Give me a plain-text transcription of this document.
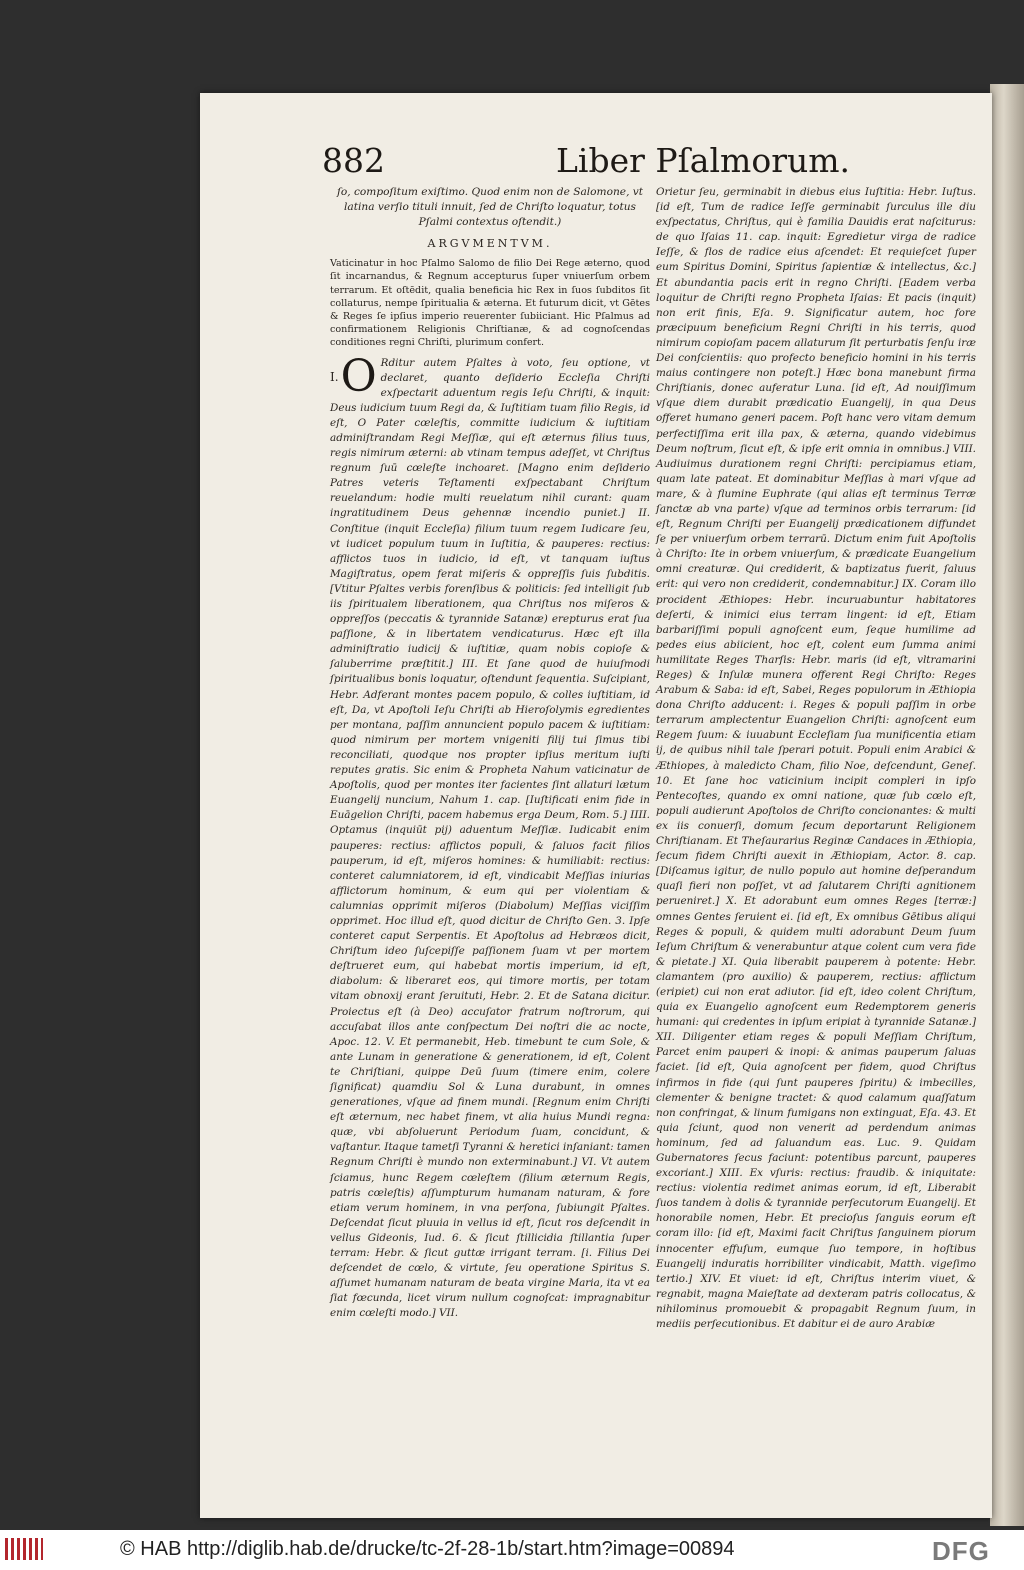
882	Liber Pſalmorum.

ſo, compoſitum exiſtimo. Quod enim non de Salomone, vt latina verſio tituli innuit, ſed de Chriſto loquatur, totus Pſalmi contextus oſtendit.)

ARGVMENTVM.

Vaticinatur in hoc Pſalmo Salomo de filio Dei Rege æterno, quod ſit incarnandus, & Regnum accepturus ſuper vniuerſum orbem terrarum. Et oſtēdit, qualia beneficia hic Rex in ſuos ſubditos ſit collaturus, nempe ſpiritualia & æterna. Et futurum dicit, vt Gētes & Reges ſe ipſius imperio reuerenter ſubiiciant. Hic Pſalmus ad confirmationem Religionis Chriſtianæ, & ad cognoſcendas conditiones regni Chriſti, plurimum confert.

I. O Rditur autem Pſaltes à voto, ſeu optione, vt declaret, quanto deſiderio Eccleſia Chriſti exſpectarit aduentum regis Ieſu Chriſti, & inquit: Deus iudicium tuum Regi da, & Iuſtitiam tuam filio Regis, id eſt, O Pater cœleſtis, committe iudicium & iuſtitiam adminiſtrandam Regi Meſſiæ, qui eſt æternus filius tuus, regis nimirum æterni: ab vtinam tempus adeſſet, vt Chriſtus regnum ſuū cœleſte inchoaret. [Magno enim deſiderio Patres veteris Teſtamenti exſpectabant Chriſtum reuelandum: hodie multi reuelatum nihil curant: quam ingratitudinem Deus gehennæ incendio puniet.] II. Conſtitue (inquit Eccleſia) filium tuum regem Iudicare ſeu, vt iudicet populum tuum in Iuſtitia, & pauperes: rectius: afflictos tuos in iudicio, id eſt, vt tanquam iuſtus Magiſtratus, opem ferat miſeris & oppreſſis ſuis ſubditis. [Vtitur Pſaltes verbis forenſibus & politicis: ſed intelligit ſub iis ſpiritualem liberationem, qua Chriſtus nos miſeros & oppreſſos (peccatis & tyrannide Satanæ) erepturus erat ſua paſſione, & in libertatem vendicaturus. Hæc eſt illa adminiſtratio iudicij & iuſtitiæ, quam nobis copioſe & ſaluberrime præſtitit.] III. Et ſane quod de huiuſmodi ſpiritualibus bonis loquatur, oſtendunt ſequentia. Suſcipiant, Hebr. Adferant montes pacem populo, & colles iuſtitiam, id eſt, Da, vt Apoſtoli Ieſu Chriſti ab Hieroſolymis egredientes per montana, paſſim annuncient populo pacem & iuſtitiam: quod nimirum per mortem vnigeniti filij tui ſimus tibi reconciliati, quodque nos propter ipſius meritum iuſti reputes gratis. Sic enim & Propheta Nahum vaticinatur de Apoſtolis, quod per montes iter facientes ſint allaturi lætum Euangelij nuncium, Nahum 1. cap. [Iuſtificati enim fide in Euāgelion Chriſti, pacem habemus erga Deum, Rom. 5.] IIII. Optamus (inquiūt pij) aduentum Meſſiæ. Iudicabit enim pauperes: rectius: afflictos populi, & ſaluos facit filios pauperum, id eſt, miſeros homines: & humiliabit: rectius: conteret calumniatorem, id eſt, vindicabit Meſſias iniurias afflictorum hominum, & eum qui per violentiam & calumnias opprimit miſeros (Diabolum) Meſſias viciſſim opprimet. Hoc illud eſt, quod dicitur de Chriſto Gen. 3. Ipſe conteret caput Serpentis. Et Apoſtolus ad Hebræos dicit, Chriſtum ideo ſuſcepiſſe paſſionem ſuam vt per mortem deſtrueret eum, qui habebat mortis imperium, id eſt, diabolum: & liberaret eos, qui timore mortis, per totam vitam obnoxij erant ſeruituti, Hebr. 2. Et de Satana dicitur. Proiectus eſt (à Deo) accuſator fratrum noſtrorum, qui accuſabat illos ante conſpectum Dei noſtri die ac nocte, Apoc. 12. V. Et permanebit, Heb. timebunt te cum Sole, & ante Lunam in generatione & generationem, id eſt, Colent te Chriſtiani, quippe Deū ſuum (timere enim, colere ſignificat) quamdiu Sol & Luna durabunt, in omnes generationes, vſque ad finem mundi. [Regnum enim Chriſti eſt æternum, nec habet finem, vt alia huius Mundi regna: quæ, vbi abſoluerunt Periodum ſuam, concidunt, & vaſtantur. Itaque tametſi Tyranni & heretici inſaniant: tamen Regnum Chriſti è mundo non exterminabunt.] VI. Vt autem ſciamus, hunc Regem cœleſtem (filium æternum Regis, patris cœleſtis) aſſumpturum humanam naturam, & fore etiam verum hominem, in vna perſona, ſubiungit Pſaltes. Deſcendat ſicut pluuia in vellus id eſt, ſicut ros deſcendit in vellus Gideonis, Iud. 6. & ſicut ſtillicidia ſtillantia ſuper terram: Hebr. & ſicut guttæ irrigant terram. [i. Filius Dei deſcendet de cœlo, & virtute, ſeu operatione Spiritus S. aſſumet humanam naturam de beata virgine Maria, ita vt ea ſiat fœcunda, licet virum nullum cognoſcat: impragnabitur enim cœleſti modo.] VII.

Orietur ſeu, germinabit in diebus eius Iuſtitia: Hebr. Iuſtus. [id eſt, Tum de radice Ieſſe germinabit ſurculus ille diu exſpectatus, Chriſtus, qui è familia Dauidis erat naſciturus: de quo Iſaias 11. cap. inquit: Egredietur virga de radice Ieſſe, & flos de radice eius aſcendet: Et requieſcet ſuper eum Spiritus Domini, Spiritus ſapientiæ & intellectus, &c.] Et abundantia pacis erit in regno Chriſti. [Eadem verba loquitur de Chriſti regno Propheta Iſaias: Et pacis (inquit) non erit finis, Eſa. 9. Significatur autem, hoc fore præcipuum beneficium Regni Chriſti in his terris, quod nimirum copioſam pacem allaturum ſit perturbatis ſenſu iræ Dei conſcientiis: quo profecto beneficio homini in his terris maius contingere non poteſt.] Hæc bona manebunt firma Chriſtianis, donec auferatur Luna. [id eſt, Ad nouiſſimum vſque diem durabit prædicatio Euangelij, in qua Deus offeret humano generi pacem. Poſt hanc vero vitam demum perfectiſſima erit illa pax, & æterna, quando videbimus Deum noſtrum, ſicut eſt, & ipſe erit omnia in omnibus.] VIII. Audiuimus durationem regni Chriſti: percipiamus etiam, quam late pateat. Et dominabitur Meſſias à mari vſque ad mare, & à flumine Euphrate (qui alias eſt terminus Terræ ſanctæ ab vna parte) vſque ad terminos orbis terrarum: [id eſt, Regnum Chriſti per Euangelij prædicationem diffundet ſe per vniuerſum orbem terrarū. Dictum enim fuit Apoſtolis à Chriſto: Ite in orbem vniuerſum, & prædicate Euangelium omni creaturæ. Qui crediderit, & baptizatus fuerit, ſaluus erit: qui vero non crediderit, condemnabitur.] IX. Coram illo procident Æthiopes: Hebr. incuruabuntur habitatores deſerti, & inimici eius terram lingent: id eſt, Etiam barbariſſimi populi agnoſcent eum, ſeque humilime ad pedes eius abiicient, hoc eſt, colent eum ſumma animi humilitate Reges Tharſis: Hebr. maris (id eſt, vltramarini Reges) & Inſulæ munera offerent Regi Chriſto: Reges Arabum & Saba: id eſt, Sabei, Reges populorum in Æthiopia dona Chriſto adducent: i. Reges & populi paſſim in orbe terrarum amplectentur Euangelion Chriſti: agnoſcent eum Regem ſuum: & iuuabunt Eccleſiam ſua munificentia etiam ij, de quibus nihil tale ſperari potuit. Populi enim Arabici & Æthiopes, à maledicto Cham, filio Noe, deſcendunt, Geneſ. 10. Et ſane hoc vaticinium incipit compleri in ipſo Pentecoſtes, quando ex omni natione, quæ ſub cœlo eſt, populi audierunt Apoſtolos de Chriſto concionantes: & multi ex iis conuerſi, domum ſecum deportarunt Religionem Chriſtianam. Et Theſaurarius Reginæ Candaces in Æthiopia, ſecum fidem Chriſti auexit in Æthiopiam, Actor. 8. cap. [Diſcamus igitur, de nullo populo aut homine deſperandum quaſi fieri non poſſet, vt ad ſalutarem Chriſti agnitionem perueniret.] X. Et adorabunt eum omnes Reges [terræ:] omnes Gentes ſeruient ei. [id eſt, Ex omnibus Gētibus aliqui Reges & populi, & quidem multi adorabunt Deum ſuum Ieſum Chriſtum & venerabuntur atque colent cum vera fide & pietate.] XI. Quia liberabit pauperem à potente: Hebr. clamantem (pro auxilio) & pauperem, rectius: afflictum (eripiet) cui non erat adiutor. [id eſt, ideo colent Chriſtum, quia ex Euangelio agnoſcent eum Redemptorem generis humani: qui credentes in ipſum eripiat à tyrannide Satanæ.] XII. Diligenter etiam reges & populi Meſſiam Chriſtum, Parcet enim pauperi & inopi: & animas pauperum ſaluas faciet. [id eſt, Quia agnoſcent per fidem, quod Chriſtus infirmos in fide (qui ſunt pauperes ſpiritu) & imbecilles, clementer & benigne tractet: & quod calamum quaſſatum non confringat, & linum fumigans non extinguat, Eſa. 43. Et quia ſciunt, quod non venerit ad perdendum animas hominum, ſed ad ſaluandum eas. Luc. 9. Quidam Gubernatores ſecus faciunt: potentibus parcunt, pauperes excoriant.] XIII. Ex vſuris: rectius: fraudib. & iniquitate: rectius: violentia redimet animas eorum, id eſt, Liberabit ſuos tandem à dolis & tyrannide perſecutorum Euangelij. Et honorabile nomen, Hebr. Et precioſus ſanguis eorum eſt coram illo: [id eſt, Maximi facit Chriſtus ſanguinem piorum innocenter effuſum, eumque ſuo tempore, in hoſtibus Euangelij induratis horribiliter vindicabit, Matth. vigeſimo tertio.] XIV. Et viuet: id eſt, Chriſtus interim viuet, & regnabit, magna Maieſtate ad dexteram patris collocatus, & nihilominus promouebit & propagabit Regnum ſuum, in mediis perſecutionibus. Et dabitur ei de auro Arabiæ

© HAB http://diglib.hab.de/drucke/tc-2f-28-1b/start.htm?image=00894	DFG
